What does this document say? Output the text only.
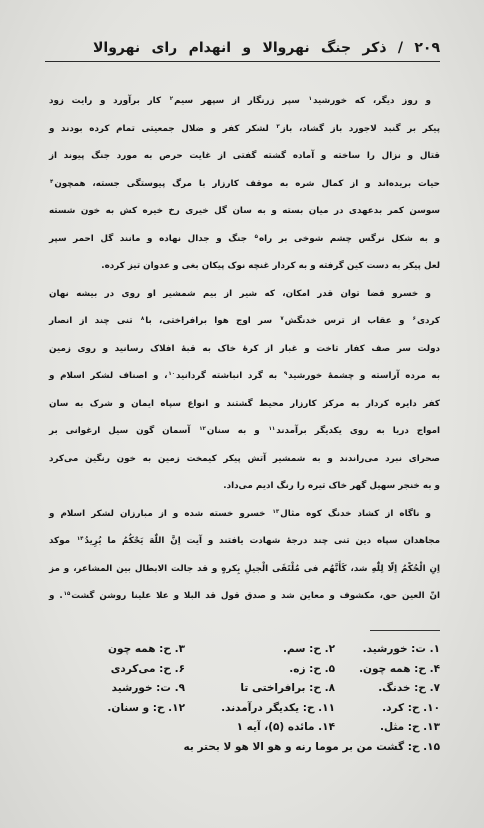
۲۰۹ / ذکر جنگ نهروالا و انهدام رای نهروالا
و روز دیگر، که خورشید$^۱$ سپر زرنگار از سپهر سیم$^۲$ کار برآورد و رایت زود
پیکر بر گنبد لاجورد باز گشاد، باز$^۳$ لشکر کفر و ضلال جمعیتی تمام کرده بودند و
قتال و نزال را ساخته و آماده گشته گفتی از غایت حرص به مورد جنگ پیوند از
حیات بریده‌اند و از کمال شره به موقف کارزار با مرگ پیوستگی جسته، همچون$^۴$
سوسن کمر بدعهدی در میان بسته و به سان گل خیری رخ خیره کش به خون شسته
و به شکل نرگس چشم شوخی بر راه$^۵$ جنگ و جدال نهاده و مانند گل احمر سپر
لعل پیکر به دست کین گرفته و به کردار غنچه نوک پیکان بغی و عدوان تیز کرده.
و خسرو قضا توان قدر امکان، که شیر از بیم شمشیر او روی در بیشه نهان
کردی$^۶$ و عقاب از ترس خدنگش$^۷$ سر اوج هوا برافراختی، با$^۸$ تنی چند از انصار
دولت سر صف کفار تاخت و غبار از کرهٔ خاک به قبهٔ افلاک رسانید و روی زمین
به مرده آراسته و چشمهٔ خورشید$^۹$ به گرد انباشته گردانید$^{۱۰}$، و اصناف لشکر اسلام و
کفر دایره کردار به مرکز کارزار محیط گشتند و انواع سپاه ایمان و شرک به سان
امواج دریا به روی یکدیگر برآمدند$^{۱۱}$ و به سنان$^{۱۲}$ آسمان گون سیل ارغوانی بر
صحرای نبرد می‌راندند و به شمشیر آتش پیکر کیمخت زمین به خون رنگین می‌کرد
و به خنجر سهیل گهر خاک تیره را رنگ ادیم می‌داد.
و ناگاه از کشاد خدنگ کوه مثال$^{۱۳}$ خسرو خسته شده و از مبارزان لشکر اسلام و
مجاهدان سپاه دین تنی چند درجهٔ شهادت یافتند و آیت اِنَّ اللّٰهَ یَحْکُمُ ما یُرِیدُ$^{۱۴}$ موکد
اِنِ الْحُکْمُ اِلّا لِلّٰهِ شد، کَأَنَّهُم فی مُلْتَقَی الْجیلِ بِکرهٍ و قد جالت الابطال بین المشاعر، و مز
انّ العین حق، مکشوف و معاین شد و صدق قول قد البلا و علا علینا روشن گشت$^{۱۵}$. و
۱. ت: خورشید.
۲. ح: سم.
۳. ح: همه چون
۴. ح: همه چون.
۵. ح: زه.
۶. ح: می‌کردی
۷. ح: خدنگ.
۸. ح: برافراختی تا
۹. ت: خورشید
۱۰. ح: کرد.
۱۱. ح: یکدیگر درآمدند.
۱۲. ح: و سنان.
۱۳. ح: مثل.
۱۴. مائده (۵)، آیه ۱
۱۵. ح: گشت من بر موما رنه و هو الا هو لا بحتر به
